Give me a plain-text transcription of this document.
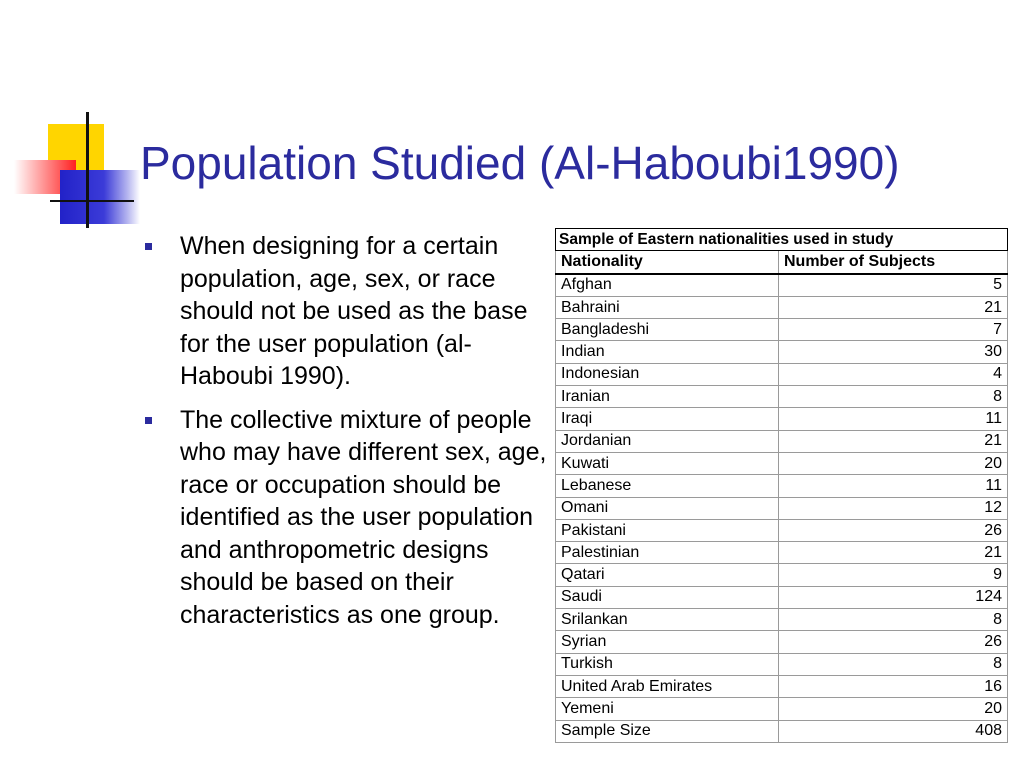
Population Studied (Al-Haboubi1990)
When designing for a certain population, age, sex, or race should not be used as the base for the user population (al-Haboubi 1990).
The collective mixture of people who may have different sex, age, race or occupation should be identified as the user population and anthropometric designs should be based on their characteristics as one group.
Sample of Eastern nationalities used in study	
Nationality	Number of Subjects
Afghan	5
Bahraini	21
Bangladeshi	7
Indian	30
Indonesian	4
Iranian	8
Iraqi	11
Jordanian	21
Kuwati	20
Lebanese	11
Omani	12
Pakistani	26
Palestinian	21
Qatari	9
Saudi	124
Srilankan	8
Syrian	26
Turkish	8
United Arab Emirates	16
Yemeni	20
Sample Size	408
